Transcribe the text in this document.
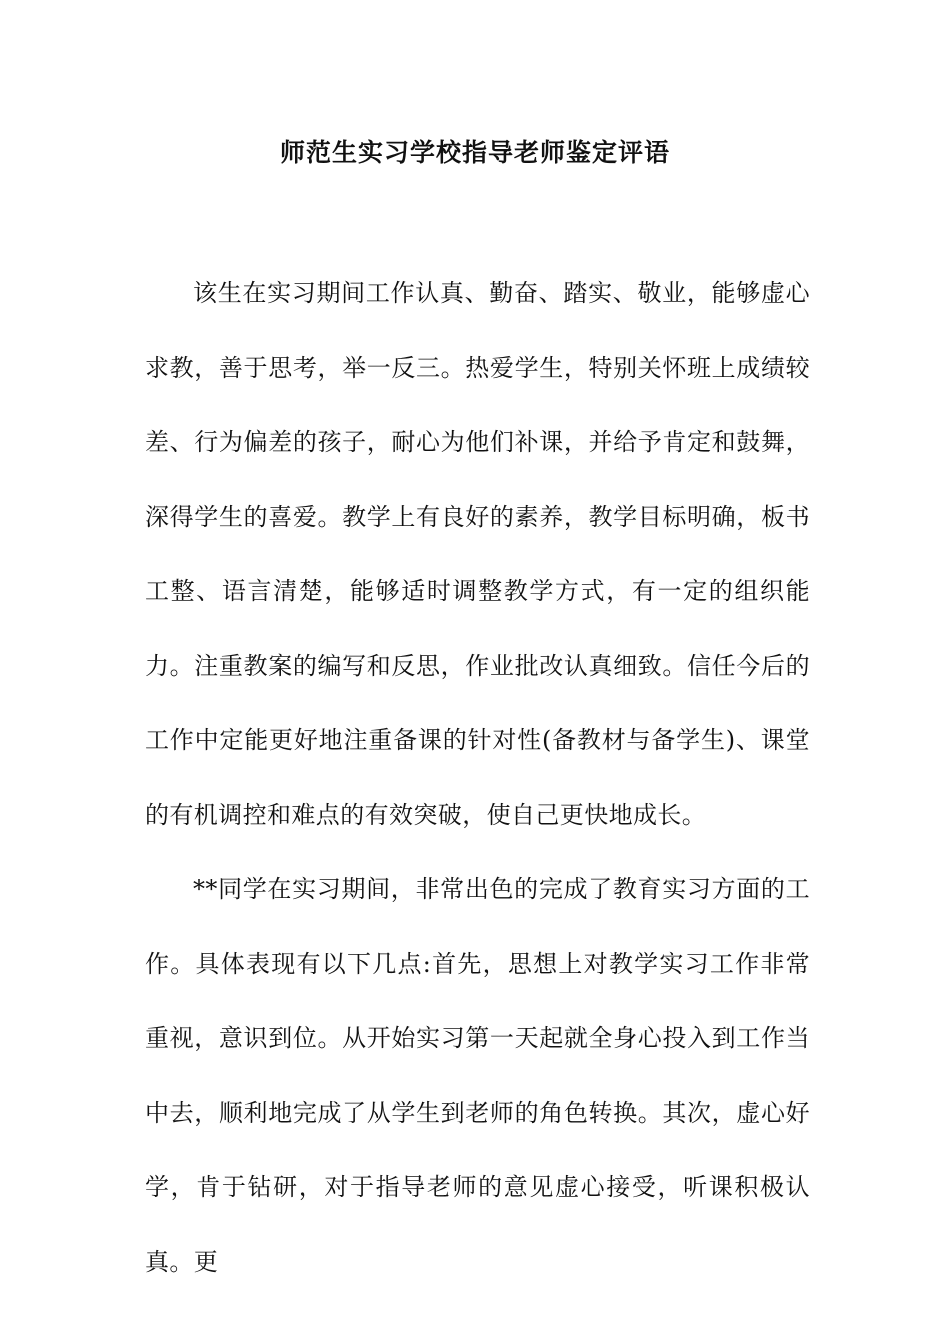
师范生实习学校指导老师鉴定评语

该生在实习期间工作认真、勤奋、踏实、敬业，能够虚心求教，善于思考，举一反三。热爱学生，特别关怀班上成绩较差、行为偏差的孩子，耐心为他们补课，并给予肯定和鼓舞，深得学生的喜爱。教学上有良好的素养，教学目标明确，板书工整、语言清楚，能够适时调整教学方式，有一定的组织能力。注重教案的编写和反思，作业批改认真细致。信任今后的工作中定能更好地注重备课的针对性(备教材与备学生)、课堂的有机调控和难点的有效突破，使自己更快地成长。

**同学在实习期间，非常出色的完成了教育实习方面的工作。具体表现有以下几点:首先，思想上对教学实习工作非常重视，意识到位。从开始实习第一天起就全身心投入到工作当中去，顺利地完成了从学生到老师的角色转换。其次，虚心好学，肯于钻研，对于指导老师的意见虚心接受，听课积极认真。更
